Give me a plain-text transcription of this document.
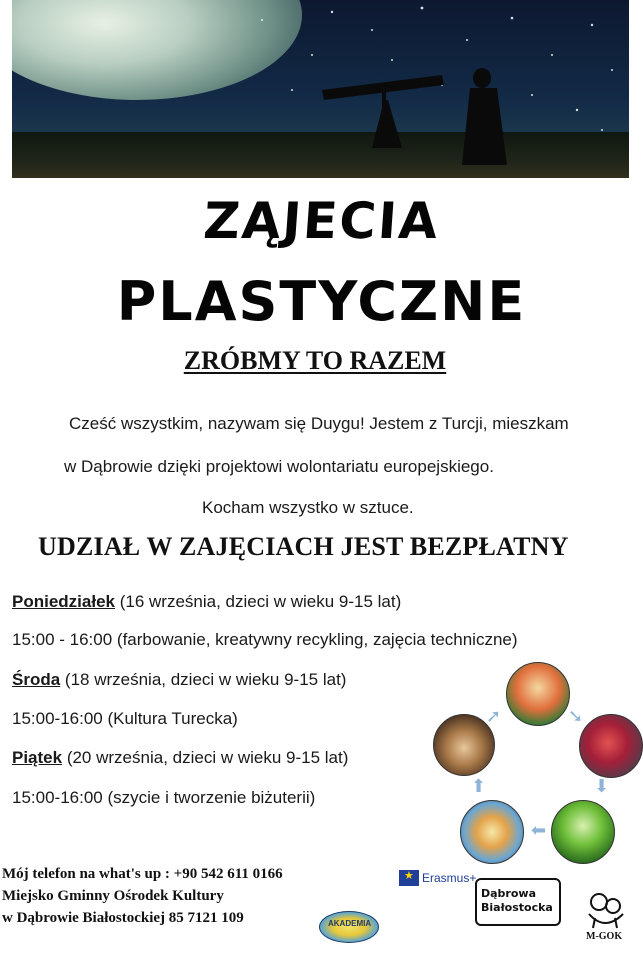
ZĄJECIA
PLASTYCZNE
ZRÓBMY TO RAZEM
Cześć wszystkim, nazywam się Duygu! Jestem z Turcji, mieszkam
w Dąbrowie dzięki projektowi wolontariatu europejskiego.
Kocham wszystko w sztuce.
UDZIAŁ W ZAJĘCIACH JEST BEZPŁATNY
Poniedziałek (16 września, dzieci w wieku 9-15 lat)
15:00 - 16:00 (farbowanie, kreatywny recykling, zajęcia techniczne)
Środa (18 września, dzieci w wieku 9-15 lat)
15:00-16:00 (Kultura Turecka)
Piątek (20 września, dzieci w wieku 9-15 lat)
15:00-16:00 (szycie i tworzenie biżuterii)
➘
⬇
⬅
⬆
➚
Mój telefon na what's up : +90 542 611 0166
Miejsko Gminny Ośrodek Kultury
w Dąbrowie Białostockiej 85 7121 109
★
Erasmus+
Dąbrowa
Białostocka
M-GOK
AKADEMIA
